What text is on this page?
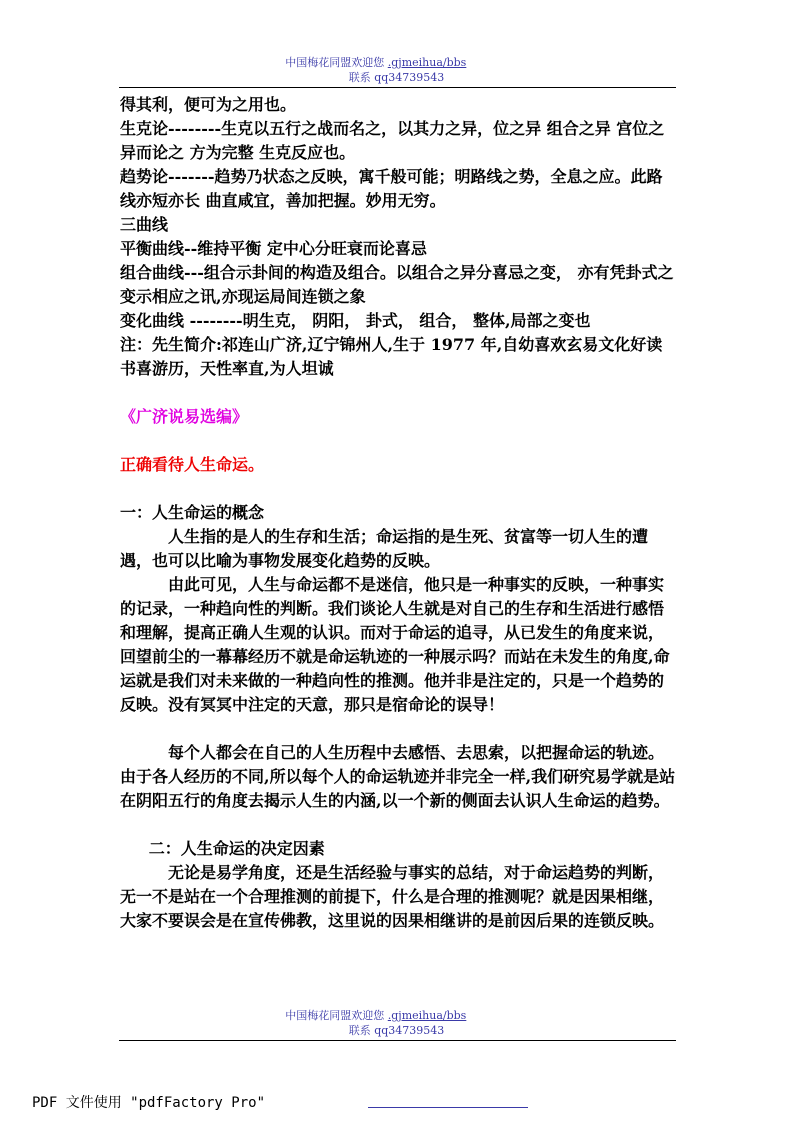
中国梅花同盟欢迎您 .gjmeihua/bbs
联系 qq34739543

得其利，便可为之用也。

生克论--------生克以五行之战而名之，以其力之异，位之异 组合之异 宫位之异而论之 方为完整 生克反应也。

趋势论-------趋势乃状态之反映，寓千般可能；明路线之势，全息之应。此路线亦短亦长 曲直咸宜，善加把握。妙用无穷。

三曲线

平衡曲线--维持平衡 定中心分旺衰而论喜忌

组合曲线---组合示卦间的构造及组合。以组合之异分喜忌之变， 亦有凭卦式之变示相应之讯,亦现运局间连锁之象

变化曲线 --------明生克， 阴阳， 卦式， 组合， 整体,局部之变也

注：先生简介:祁连山广济,辽宁锦州人,生于 1977 年,自幼喜欢玄易文化好读书喜游历，天性率直,为人坦诚

《广济说易选编》

正确看待人生命运。

一：人生命运的概念

人生指的是人的生存和生活；命运指的是生死、贫富等一切人生的遭遇，也可以比喻为事物发展变化趋势的反映。

由此可见，人生与命运都不是迷信，他只是一种事实的反映，一种事实的记录，一种趋向性的判断。我们谈论人生就是对自己的生存和生活进行感悟和理解，提高正确人生观的认识。而对于命运的追寻，从已发生的角度来说，回望前尘的一幕幕经历不就是命运轨迹的一种展示吗？而站在未发生的角度,命运就是我们对未来做的一种趋向性的推测。他并非是注定的，只是一个趋势的反映。没有冥冥中注定的天意，那只是宿命论的误导！

每个人都会在自己的人生历程中去感悟、去思索，以把握命运的轨迹。由于各人经历的不同,所以每个人的命运轨迹并非完全一样,我们研究易学就是站在阴阳五行的角度去揭示人生的内涵,以一个新的侧面去认识人生命运的趋势。

二：人生命运的决定因素

无论是易学角度，还是生活经验与事实的总结，对于命运趋势的判断，无一不是站在一个合理推测的前提下，什么是合理的推测呢？就是因果相继，大家不要误会是在宣传佛教，这里说的因果相继讲的是前因后果的连锁反映。

中国梅花同盟欢迎您 .gjmeihua/bbs
联系 qq34739543
PDF 文件使用 "pdfFactory Pro"
